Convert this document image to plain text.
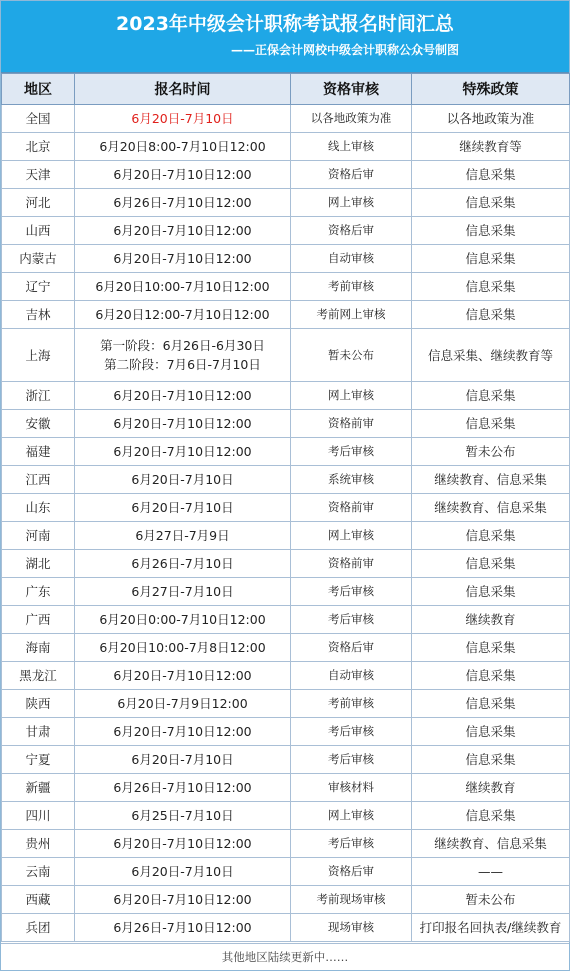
2023年中级会计职称考试报名时间汇总
——正保会计网校中级会计职称公众号制图
地区	报名时间	资格审核	特殊政策
全国	6月20日-7月10日	以各地政策为准	以各地政策为准
北京	6月20日8:00-7月10日12:00	线上审核	继续教育等
天津	6月20日-7月10日12:00	资格后审	信息采集
河北	6月26日-7月10日12:00	网上审核	信息采集
山西	6月20日-7月10日12:00	资格后审	信息采集
内蒙古	6月20日-7月10日12:00	自动审核	信息采集
辽宁	6月20日10:00-7月10日12:00	考前审核	信息采集
吉林	6月20日12:00-7月10日12:00	考前网上审核	信息采集
上海	第一阶段：6月26日-6月30日
第二阶段：7月6日-7月10日	暂未公布	信息采集、继续教育等
浙江	6月20日-7月10日12:00	网上审核	信息采集
安徽	6月20日-7月10日12:00	资格前审	信息采集
福建	6月20日-7月10日12:00	考后审核	暂未公布
江西	6月20日-7月10日	系统审核	继续教育、信息采集
山东	6月20日-7月10日	资格前审	继续教育、信息采集
河南	6月27日-7月9日	网上审核	信息采集
湖北	6月26日-7月10日	资格前审	信息采集
广东	6月27日-7月10日	考后审核	信息采集
广西	6月20日0:00-7月10日12:00	考后审核	继续教育
海南	6月20日10:00-7月8日12:00	资格后审	信息采集
黑龙江	6月20日-7月10日12:00	自动审核	信息采集
陕西	6月20日-7月9日12:00	考前审核	信息采集
甘肃	6月20日-7月10日12:00	考后审核	信息采集
宁夏	6月20日-7月10日	考后审核	信息采集
新疆	6月26日-7月10日12:00	审核材料	继续教育
四川	6月25日-7月10日	网上审核	信息采集
贵州	6月20日-7月10日12:00	考后审核	继续教育、信息采集
云南	6月20日-7月10日	资格后审	——
西藏	6月20日-7月10日12:00	考前现场审核	暂未公布
兵团	6月26日-7月10日12:00	现场审核	打印报名回执表/继续教育
其他地区陆续更新中……
